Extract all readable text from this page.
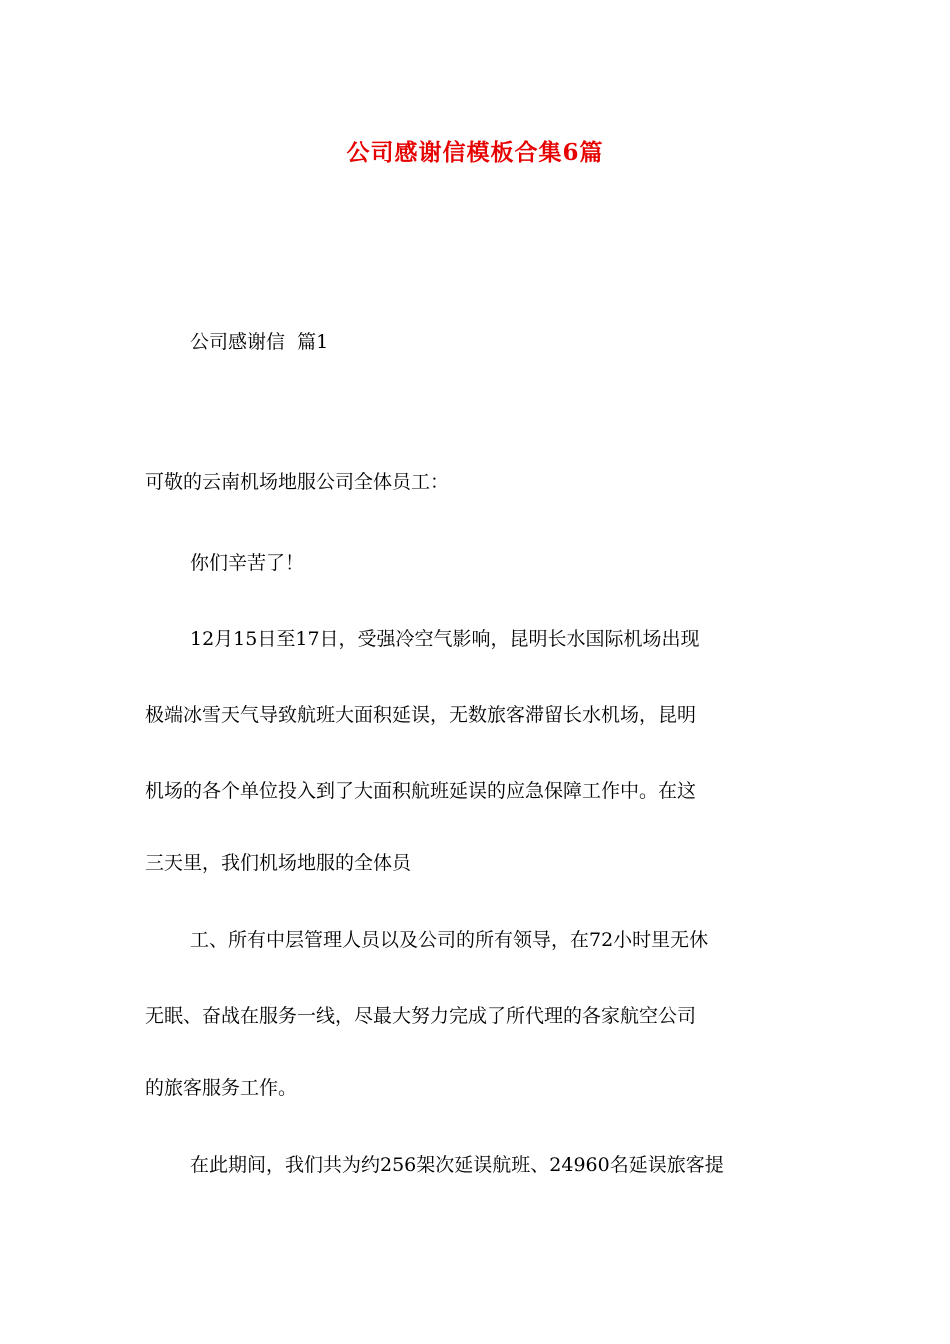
公司感谢信模板合集6篇
公司感谢信  篇1
可敬的云南机场地服公司全体员工：
你们辛苦了！
12月15日至17日，受强冷空气影响，昆明长水国际机场出现
极端冰雪天气导致航班大面积延误，无数旅客滞留长水机场，昆明
机场的各个单位投入到了大面积航班延误的应急保障工作中。在这
三天里，我们机场地服的全体员
工、所有中层管理人员以及公司的所有领导，在72小时里无休
无眠、奋战在服务一线，尽最大努力完成了所代理的各家航空公司
的旅客服务工作。
在此期间，我们共为约256架次延误航班、24960名延误旅客提
